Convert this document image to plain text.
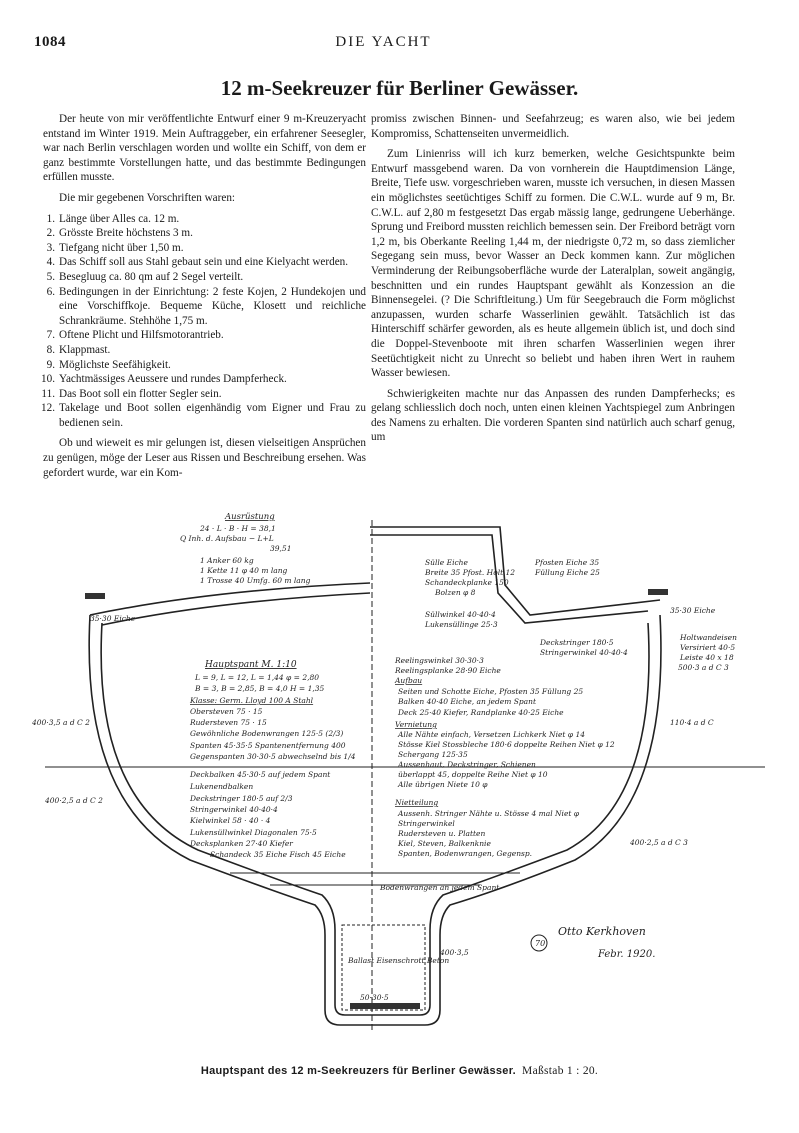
1084	DIE YACHT
12 m-Seekreuzer für Berliner Gewässer.

Der heute von mir veröffentlichte Entwurf einer 9 m-Kreuzeryacht entstand im Winter 1919. Mein Auftraggeber, ein erfahrener Seesegler, war nach Berlin verschlagen worden und wollte ein Schiff, von dem er ganz bestimmte Vorstellungen hatte, und das bestimmte Bedingungen erfüllen musste.

Die mir gegebenen Vorschriften waren:

1. Länge über Alles ca. 12 m.
2. Grösste Breite höchstens 3 m.
3. Tiefgang nicht über 1,50 m.
4. Das Schiff soll aus Stahl gebaut sein und eine Kielyacht werden.
5. Besegluug ca. 80 qm auf 2 Segel verteilt.
6. Bedingungen in der Einrichtung: 2 feste Kojen, 2 Hundekojen und eine Vorschiffkoje. Bequeme Küche, Klosett und reichliche Schrankräume. Stehhöhe 1,75 m.
7. Oftene Plicht und Hilfsmotorantrieb.
8. Klappmast.
9. Möglichste Seefähigkeit.
10. Yachtmässiges Aeussere und rundes Dampferheck.
11. Das Boot soll ein flotter Segler sein.
12. Takelage und Boot sollen eigenhändig vom Eigner und Frau zu bedienen sein.

Ob und wieweit es mir gelungen ist, diesen vielseitigen Ansprüchen zu genügen, möge der Leser aus Rissen und Beschreibung ersehen. Was gefordert wurde, war ein Kom-

promiss zwischen Binnen- und Seefahrzeug; es waren also, wie bei jedem Kompromiss, Schattenseiten unvermeidlich.

Zum Linienriss will ich kurz bemerken, welche Gesichtspunkte beim Entwurf massgebend waren. Da von vornherein die Hauptdimension Länge, Breite, Tiefe usw. vorgeschrieben waren, musste ich versuchen, in diesen Massen ein möglichstes seetüchtiges Schiff zu formen. Die C.W.L. wurde auf 9 m, Br. C.W.L. auf 2,80 m festgesetzt Das ergab mässig lange, gedrungene Ueberhänge. Sprung und Freibord mussten reichlich bemessen sein. Der Freibord beträgt vorn 1,2 m, bis Oberkante Reeling 1,44 m, der niedrigste 0,72 m, so dass ziemlicher Segegang sein muss, bevor Wasser an Deck kommen kann. Zur möglichen Verminderung der Reibungsoberfläche wurde der Lateralplan, soweit angängig, beschnitten und ein rundes Hauptspant gewählt als Konzession an die Binnensegelei. (? Die Schriftleitung.) Um für Seegebrauch die Form möglichst anzupassen, wurden scharfe Wasserlinien gewählt. Tatsächlich ist das Hinterschiff schärfer geworden, als es heute allgemein üblich ist, und doch sind die Doppel-Stevenboote mit ihren scharfen Wasserlinien wegen ihrer Seetüchtigkeit nicht zu Unrecht so beliebt und haben ihren Wert in rauhem Wasser bewiesen.

Schwierigkeiten machte nur das Anpassen des runden Dampferhecks; es gelang schliesslich doch noch, unten einen kleinen Yachtspiegel zum Anbringen des Namens zu erhalten. Die vorderen Spanten sind natürlich auch scharf genug, um

Ausrüstung
24 · L · B · H = 38,1
Q Inh. d. Aufsbau − L+L
39,51
1 Anker 60 kg
1 Kette 11 φ 40 m lang
1 Trosse 40 Umfg. 60 m lang
Hauptspant M. 1:10
L = 9, L = 12, L = 1,44 φ = 2,80
B = 3, B = 2,85, B = 4,0 H = 1,35
Klasse: Germ. Lloyd 100 A Stahl
Obersteven 75 · 15
Rudersteven 75 · 15
Gewöhnliche Bodenwrangen 125·5 (2/3)
Spanten 45·35·5 Spantenentfernung 400
Gegenspanten 30·30·5 abwechselnd bis 1/4
Deckbalken 45·30·5 auf jedem Spant
Lukenendbalken
Deckstringer 180·5 auf 2/3
Stringerwinkel 40·40·4
Kielwinkel 58 · 40 · 4
Lukensüllwinkel Diagonalen 75·5
Decksplanken 27·40 Kiefer
Schandeck 35 Eiche Fisch 45 Eiche
Reelingswinkel 30·30·3
Reelingsplanke 28·90 Eiche
Aufbau
Seiten und Schotte Eiche, Pfosten 35 Füllung 25
Balken 40·40 Eiche, an jedem Spant
Deck 25·40 Kiefer, Randplanke 40·25 Eiche
Vernietung
Alle Nähte einfach, Versetzen Lichkerk Niet φ 14
Stösse Kiel Stossbleche 180·6 doppelte Reihen Niet φ 12
Schergang 125·35
Aussenhaut, Deckstringer, Schienen
überlappt 45, doppelte Reihe Niet φ 10
Alle übrigen Niete 10 φ
Nietteilung
Aussenh. Stringer Nähte u. Stösse 4 mal Niet φ
Stringerwinkel
Rudersteven u. Platten
Kiel, Steven, Balkenknie
Spanten, Bodenwrangen, Gegensp.
Sülle Eiche
Breite 35 Pfost. Holt 12
Schandeckplanke 150
Bolzen φ 8
Pfosten Eiche 35
Füllung Eiche 25
Süllwinkel 40·40·4
Lukensüllinge 25·3
Deckstringer 180·5
Stringerwinkel 40·40·4
Holtwandeisen
Versiriert 40·5
Leiste 40 x 18
Ballast Eisenschrott Beton
Bodenwrangen an jedem Spant
400·3,5 a d C 2	110·4 a d C
400·2,5 a d C 2
400·2,5 a d C 3
400·3,5
500·3 a d C 3
35·30 Eiche
35·30 Eiche
50·30·5
70
Otto Kerkhoven
Febr. 1920.
Hauptspant des 12 m-Seekreuzers für Berliner Gewässer. Maßstab 1 : 20.
